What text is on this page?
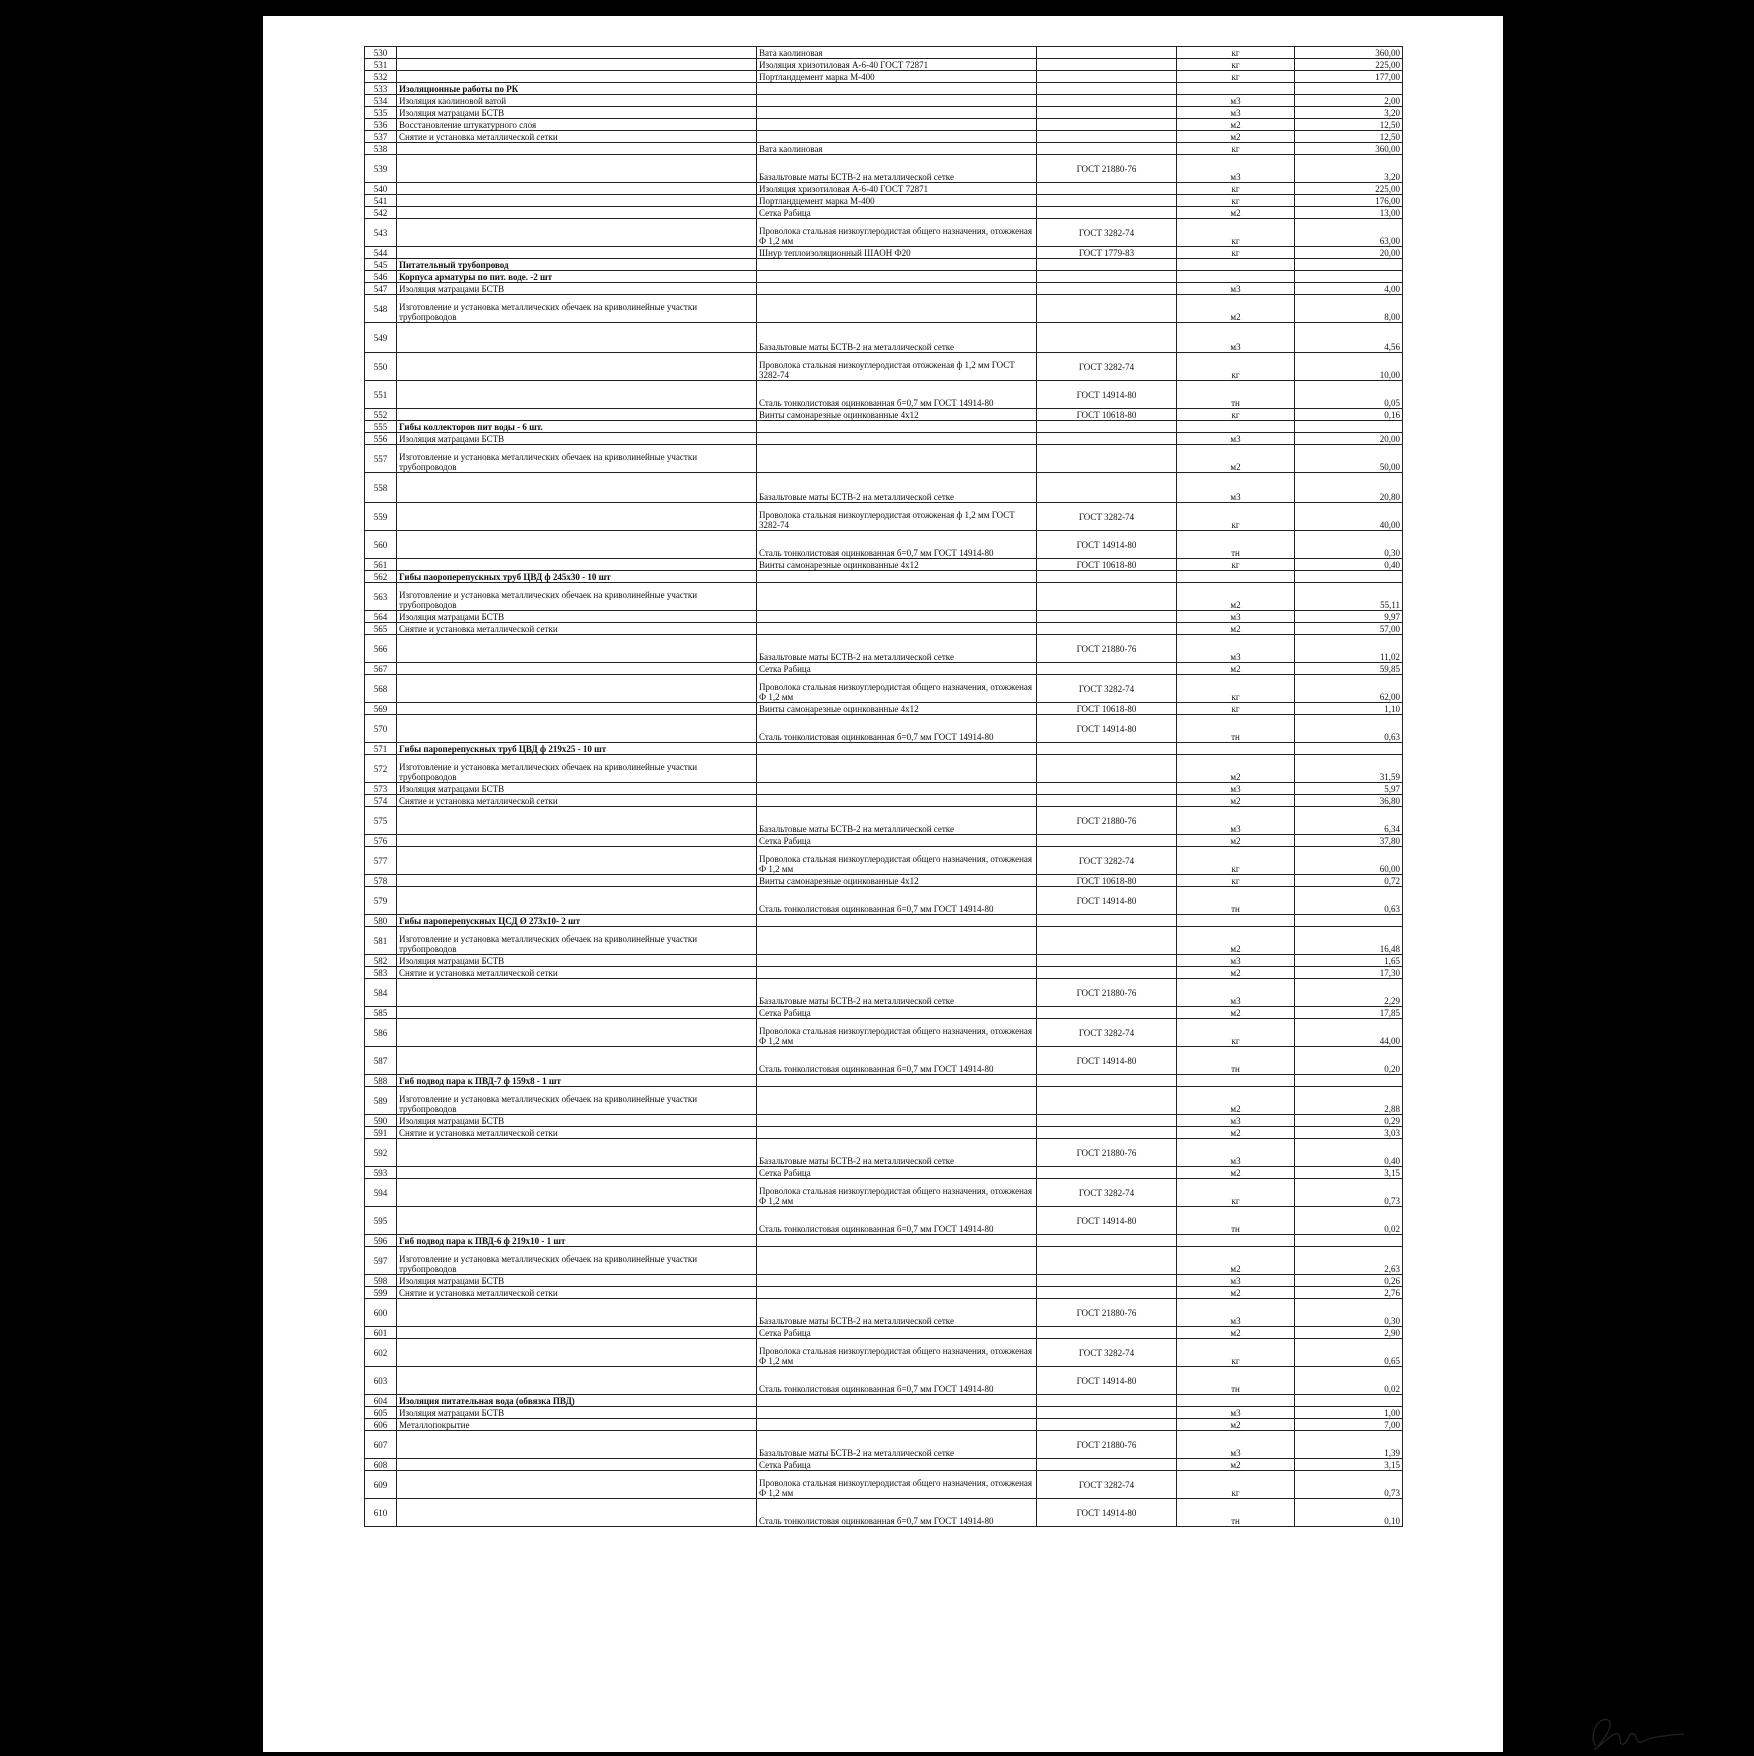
530		Вата каолиновая		кг	360,00
531		Изоляция хризотиловая А-6-40 ГОСТ 72871		кг	225,00
532		Портландцемент марка М-400		кг	177,00
533	Изоляционные работы по РК				
534	Изоляция каолиновой ватой			м3	2,00
535	Изоляция матрацами БСТВ			м3	3,20
536	Восстановление штукатурного слоя			м2	12,50
537	Снятие и установка металлической сетки			м2	12,50
538		Вата каолиновая		кг	360,00
539		Базальтовые маты БСТВ-2 на металлической сетке	ГОСТ 21880-76	м3	3,20
540		Изоляция хризотиловая А-6-40 ГОСТ 72871		кг	225,00
541		Портландцемент марка М-400		кг	176,00
542		Сетка Рабица		м2	13,00
543		Проволока стальная низкоуглеродистая общего назначения, отожженая Ф 1,2 мм	ГОСТ 3282-74	кг	63,00
544		Шнур теплоизоляционный ШАОН Ф20	ГОСТ 1779-83	кг	20,00
545	Питательный трубопровод				
546	Корпуса арматуры по пит. воде. -2 шт				
547	Изоляция матрацами БСТВ			м3	4,00
548	Изготовление и установка металлических обечаек на криволинейные участки трубопроводов			м2	8,00
549		Базальтовые маты БСТВ-2 на металлической сетке		м3	4,56
550		Проволока стальная низкоуглеродистая отожженая ф 1,2 мм ГОСТ 3282-74	ГОСТ 3282-74	кг	10,00
551		Сталь тонколистовая оцинкованная б=0,7 мм ГОСТ 14914-80	ГОСТ 14914-80	тн	0,05
552		Винты самонарезные оцинкованные 4х12	ГОСТ 10618-80	кг	0,16
555	Гибы коллекторов пит воды - 6 шт.				
556	Изоляция матрацами БСТВ			м3	20,00
557	Изготовление и установка металлических обечаек на криволинейные участки трубопроводов			м2	50,00
558		Базальтовые маты БСТВ-2 на металлической сетке		м3	20,80
559		Проволока стальная низкоуглеродистая отожженая ф 1,2 мм ГОСТ 3282-74	ГОСТ 3282-74	кг	40,00
560		Сталь тонколистовая оцинкованная б=0,7 мм ГОСТ 14914-80	ГОСТ 14914-80	тн	0,30
561		Винты самонарезные оцинкованные 4х12	ГОСТ 10618-80	кг	0,40
562	Гибы паороперепускных труб ЦВД ф 245х30 - 10 шт				
563	Изготовление и установка металлических обечаек на криволинейные участки трубопроводов			м2	55,11
564	Изоляция матрацами БСТВ			м3	9,97
565	Снятие и установка металлической сетки			м2	57,00
566		Базальтовые маты БСТВ-2 на металлической сетке	ГОСТ 21880-76	м3	11,02
567		Сетка Рабица		м2	59,85
568		Проволока стальная низкоуглеродистая общего назначения, отожженая Ф 1,2 мм	ГОСТ 3282-74	кг	62,00
569		Винты самонарезные оцинкованные 4х12	ГОСТ 10618-80	кг	1,10
570		Сталь тонколистовая оцинкованная б=0,7 мм ГОСТ 14914-80	ГОСТ 14914-80	тн	0,63
571	Гибы пароперепускных труб ЦВД ф 219х25 - 10 шт				
572	Изготовление и установка металлических обечаек на криволинейные участки трубопроводов			м2	31,59
573	Изоляция матрацами БСТВ			м3	5,97
574	Снятие и установка металлической сетки			м2	36,80
575		Базальтовые маты БСТВ-2 на металлической сетке	ГОСТ 21880-76	м3	6,34
576		Сетка Рабица		м2	37,80
577		Проволока стальная низкоуглеродистая общего назначения, отожженая Ф 1,2 мм	ГОСТ 3282-74	кг	60,00
578		Винты самонарезные оцинкованные 4х12	ГОСТ 10618-80	кг	0,72
579		Сталь тонколистовая оцинкованная б=0,7 мм ГОСТ 14914-80	ГОСТ 14914-80	тн	0,63
580	Гибы пароперепускных ЦСД Ø 273х10- 2 шт				
581	Изготовление и установка металлических обечаек на криволинейные участки трубопроводов			м2	16,48
582	Изоляция матрацами БСТВ			м3	1,65
583	Снятие и установка металлической сетки			м2	17,30
584		Базальтовые маты БСТВ-2 на металлической сетке	ГОСТ 21880-76	м3	2,29
585		Сетка Рабица		м2	17,85
586		Проволока стальная низкоуглеродистая общего назначения, отожженая Ф 1,2 мм	ГОСТ 3282-74	кг	44,00
587		Сталь тонколистовая оцинкованная б=0,7 мм ГОСТ 14914-80	ГОСТ 14914-80	тн	0,20
588	Гиб подвод пара к ПВД-7 ф 159х8 - 1 шт				
589	Изготовление и установка металлических обечаек на криволинейные участки трубопроводов			м2	2,88
590	Изоляция матрацами БСТВ			м3	0,29
591	Снятие и установка металлической сетки			м2	3,03
592		Базальтовые маты БСТВ-2 на металлической сетке	ГОСТ 21880-76	м3	0,40
593		Сетка Рабица		м2	3,15
594		Проволока стальная низкоуглеродистая общего назначения, отожженая Ф 1,2 мм	ГОСТ 3282-74	кг	0,73
595		Сталь тонколистовая оцинкованная б=0,7 мм ГОСТ 14914-80	ГОСТ 14914-80	тн	0,02
596	Гиб подвод пара к ПВД-6 ф 219х10 - 1 шт				
597	Изготовление и установка металлических обечаек на криволинейные участки трубопроводов			м2	2,63
598	Изоляция матрацами БСТВ			м3	0,26
599	Снятие и установка металлической сетки			м2	2,76
600		Базальтовые маты БСТВ-2 на металлической сетке	ГОСТ 21880-76	м3	0,30
601		Сетка Рабица		м2	2,90
602		Проволока стальная низкоуглеродистая общего назначения, отожженая Ф 1,2 мм	ГОСТ 3282-74	кг	0,65
603		Сталь тонколистовая оцинкованная б=0,7 мм ГОСТ 14914-80	ГОСТ 14914-80	тн	0,02
604	Изоляция питательная вода (обвязка ПВД)				
605	Изоляция матрацами БСТВ			м3	1,00
606	Металлопокрытие			м2	7,00
607		Базальтовые маты БСТВ-2 на металлической сетке	ГОСТ 21880-76	м3	1,39
608		Сетка Рабица		м2	3,15
609		Проволока стальная низкоуглеродистая общего назначения, отожженая Ф 1,2 мм	ГОСТ 3282-74	кг	0,73
610		Сталь тонколистовая оцинкованная б=0,7 мм ГОСТ 14914-80	ГОСТ 14914-80	тн	0,10
